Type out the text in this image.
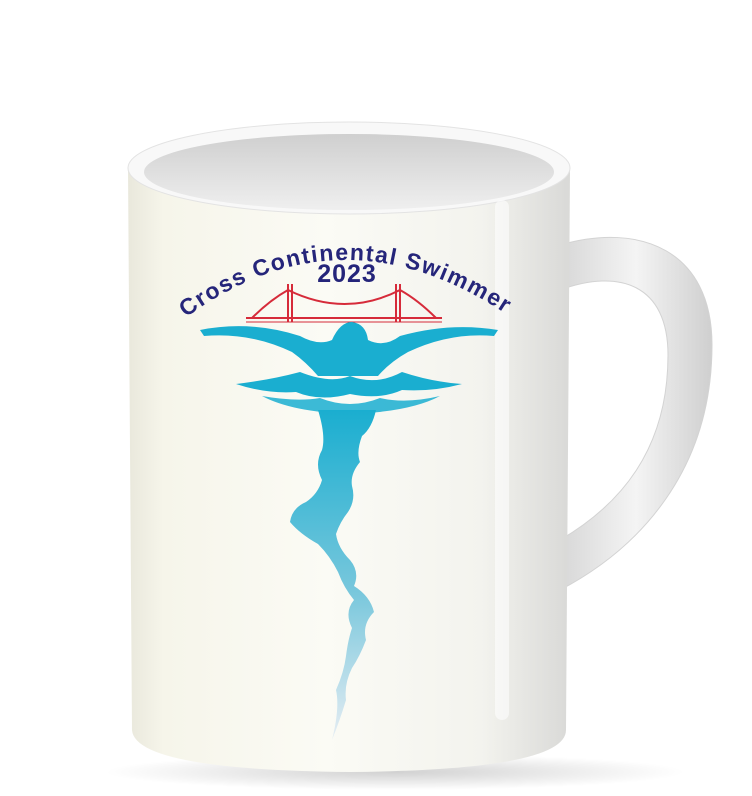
Cross Continental Swimmer
2023
